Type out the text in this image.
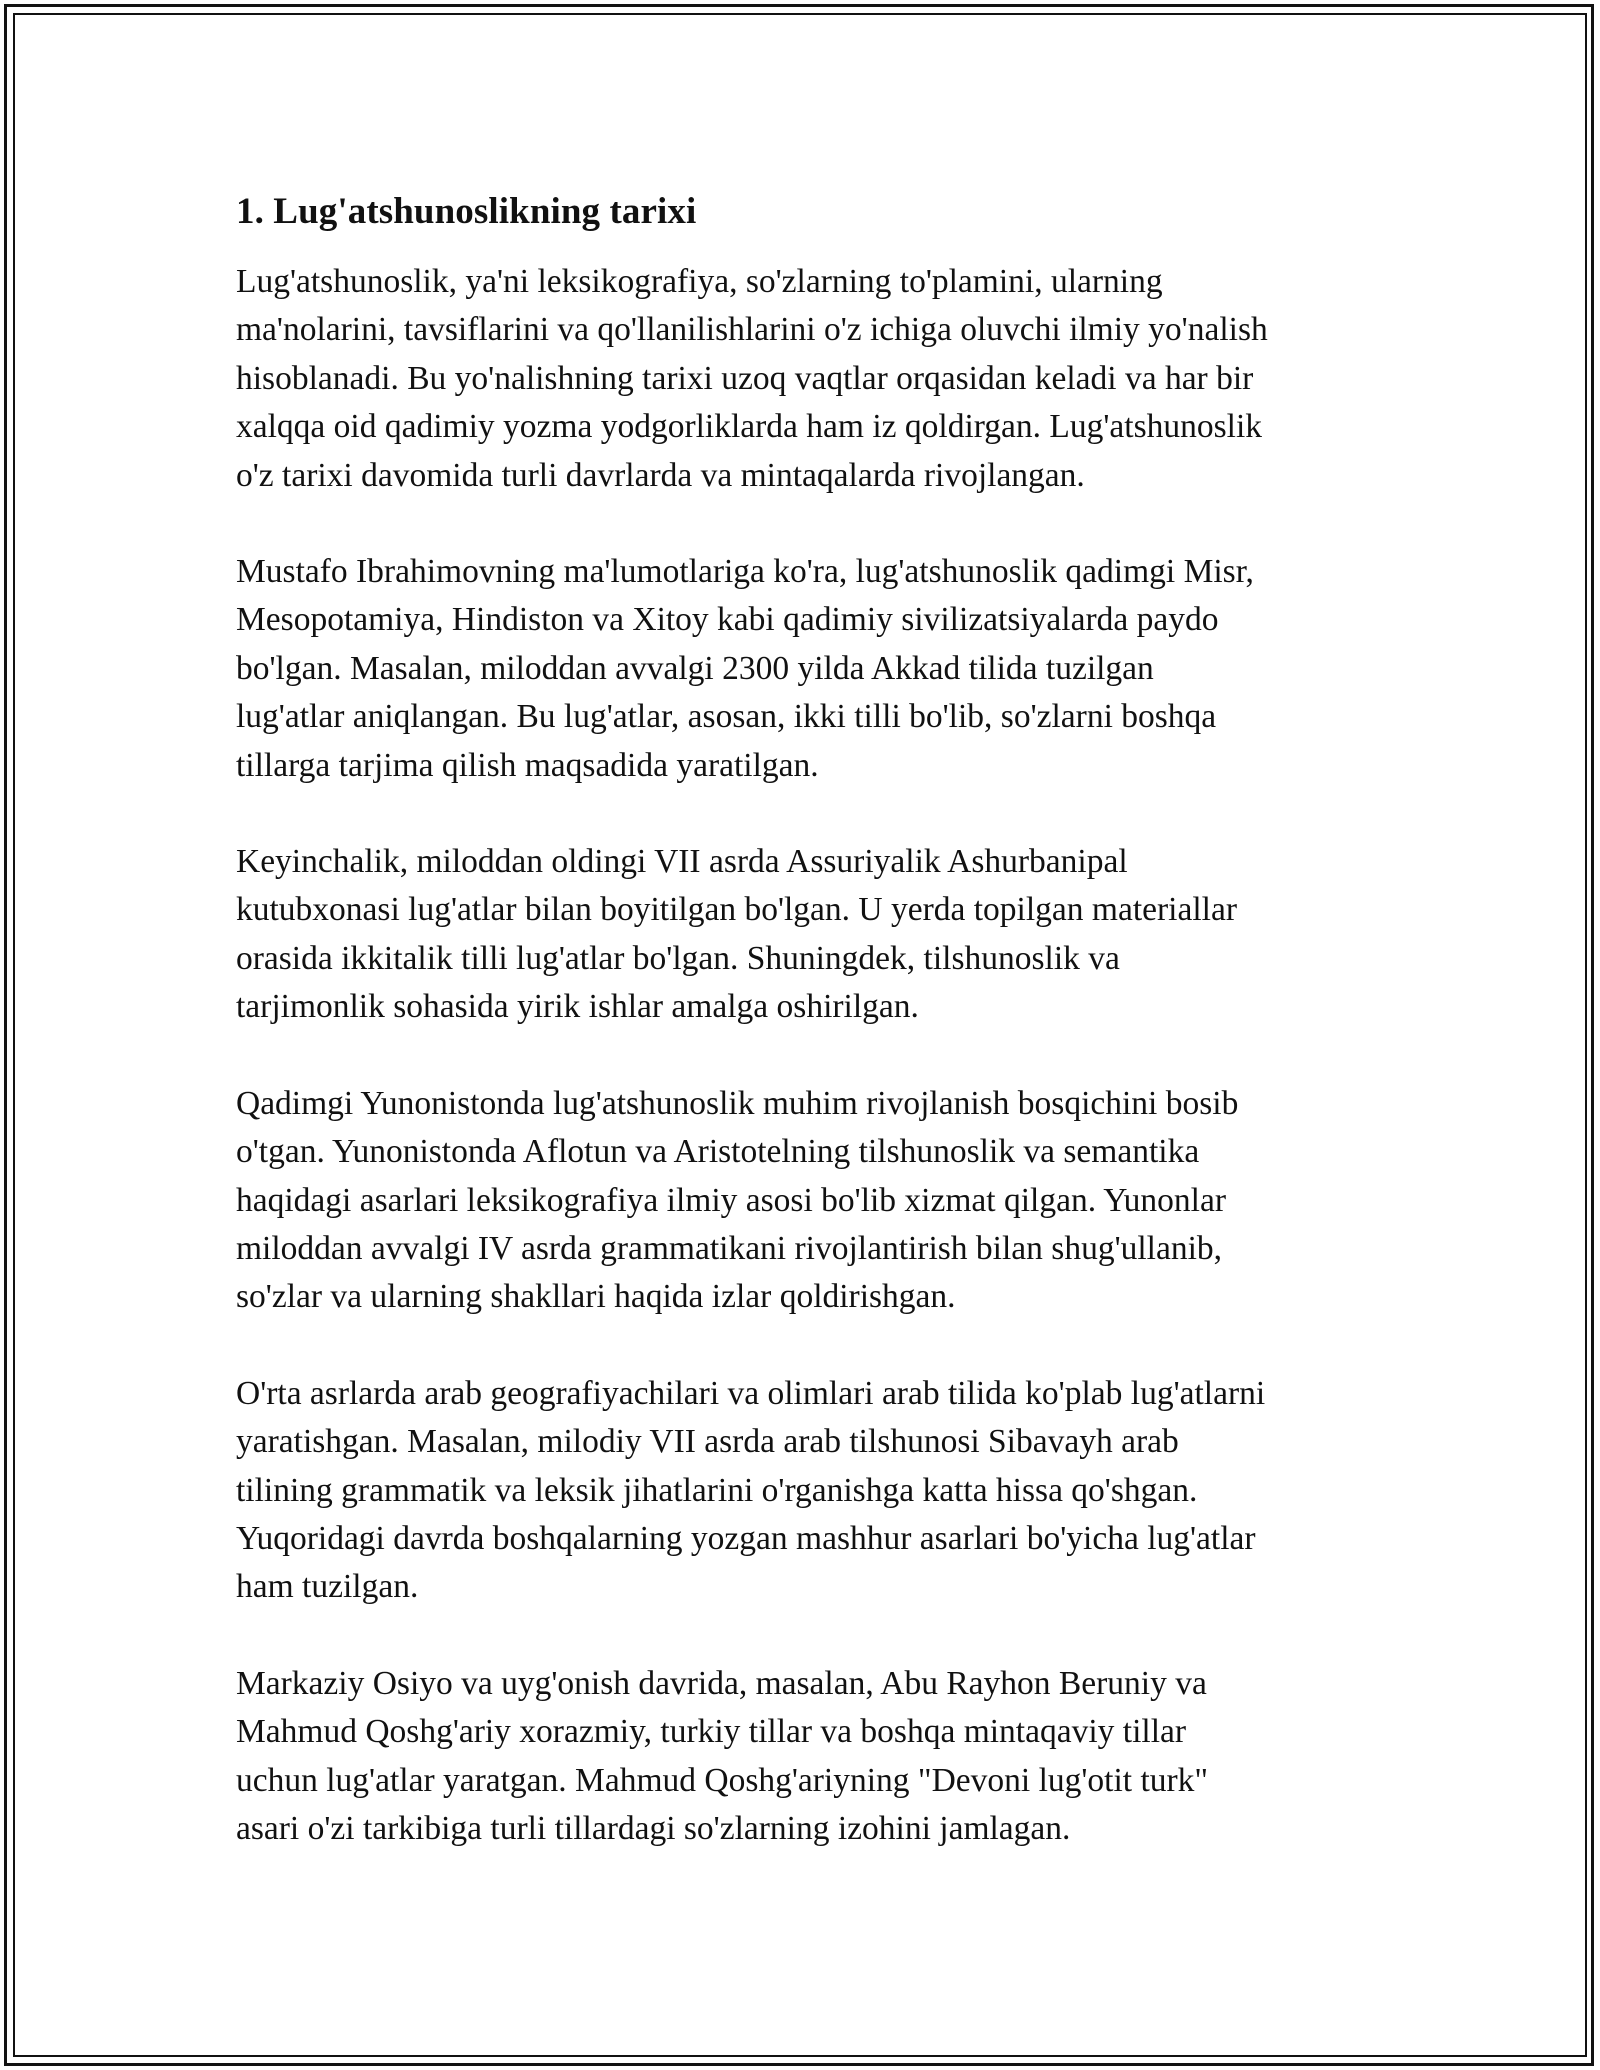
1. Lug'atshunoslikning tarixi

Lug'atshunoslik, ya'ni leksikografiya, so'zlarning to'plamini, ularning
ma'nolarini, tavsiflarini va qo'llanilishlarini o'z ichiga oluvchi ilmiy yo'nalish
hisoblanadi. Bu yo'nalishning tarixi uzoq vaqtlar orqasidan keladi va har bir
xalqqa oid qadimiy yozma yodgorliklarda ham iz qoldirgan. Lug'atshunoslik
o'z tarixi davomida turli davrlarda va mintaqalarda rivojlangan.

Mustafo Ibrahimovning ma'lumotlariga ko'ra, lug'atshunoslik qadimgi Misr,
Mesopotamiya, Hindiston va Xitoy kabi qadimiy sivilizatsiyalarda paydo
bo'lgan. Masalan, miloddan avvalgi 2300 yilda Akkad tilida tuzilgan
lug'atlar aniqlangan. Bu lug'atlar, asosan, ikki tilli bo'lib, so'zlarni boshqa
tillarga tarjima qilish maqsadida yaratilgan.

Keyinchalik, miloddan oldingi VII asrda Assuriyalik Ashurbanipal
kutubxonasi lug'atlar bilan boyitilgan bo'lgan. U yerda topilgan materiallar
orasida ikkitalik tilli lug'atlar bo'lgan. Shuningdek, tilshunoslik va
tarjimonlik sohasida yirik ishlar amalga oshirilgan.

Qadimgi Yunonistonda lug'atshunoslik muhim rivojlanish bosqichini bosib
o'tgan. Yunonistonda Aflotun va Aristotelning tilshunoslik va semantika
haqidagi asarlari leksikografiya ilmiy asosi bo'lib xizmat qilgan. Yunonlar
miloddan avvalgi IV asrda grammatikani rivojlantirish bilan shug'ullanib,
so'zlar va ularning shakllari haqida izlar qoldirishgan.

O'rta asrlarda arab geografiyachilari va olimlari arab tilida ko'plab lug'atlarni
yaratishgan. Masalan, milodiy VII asrda arab tilshunosi Sibavayh arab
tilining grammatik va leksik jihatlarini o'rganishga katta hissa qo'shgan.
Yuqoridagi davrda boshqalarning yozgan mashhur asarlari bo'yicha lug'atlar
ham tuzilgan.

Markaziy Osiyo va uyg'onish davrida, masalan, Abu Rayhon Beruniy va
Mahmud Qoshg'ariy xorazmiy, turkiy tillar va boshqa mintaqaviy tillar
uchun lug'atlar yaratgan. Mahmud Qoshg'ariyning "Devoni lug'otit turk"
asari o'zi tarkibiga turli tillardagi so'zlarning izohini jamlagan.
